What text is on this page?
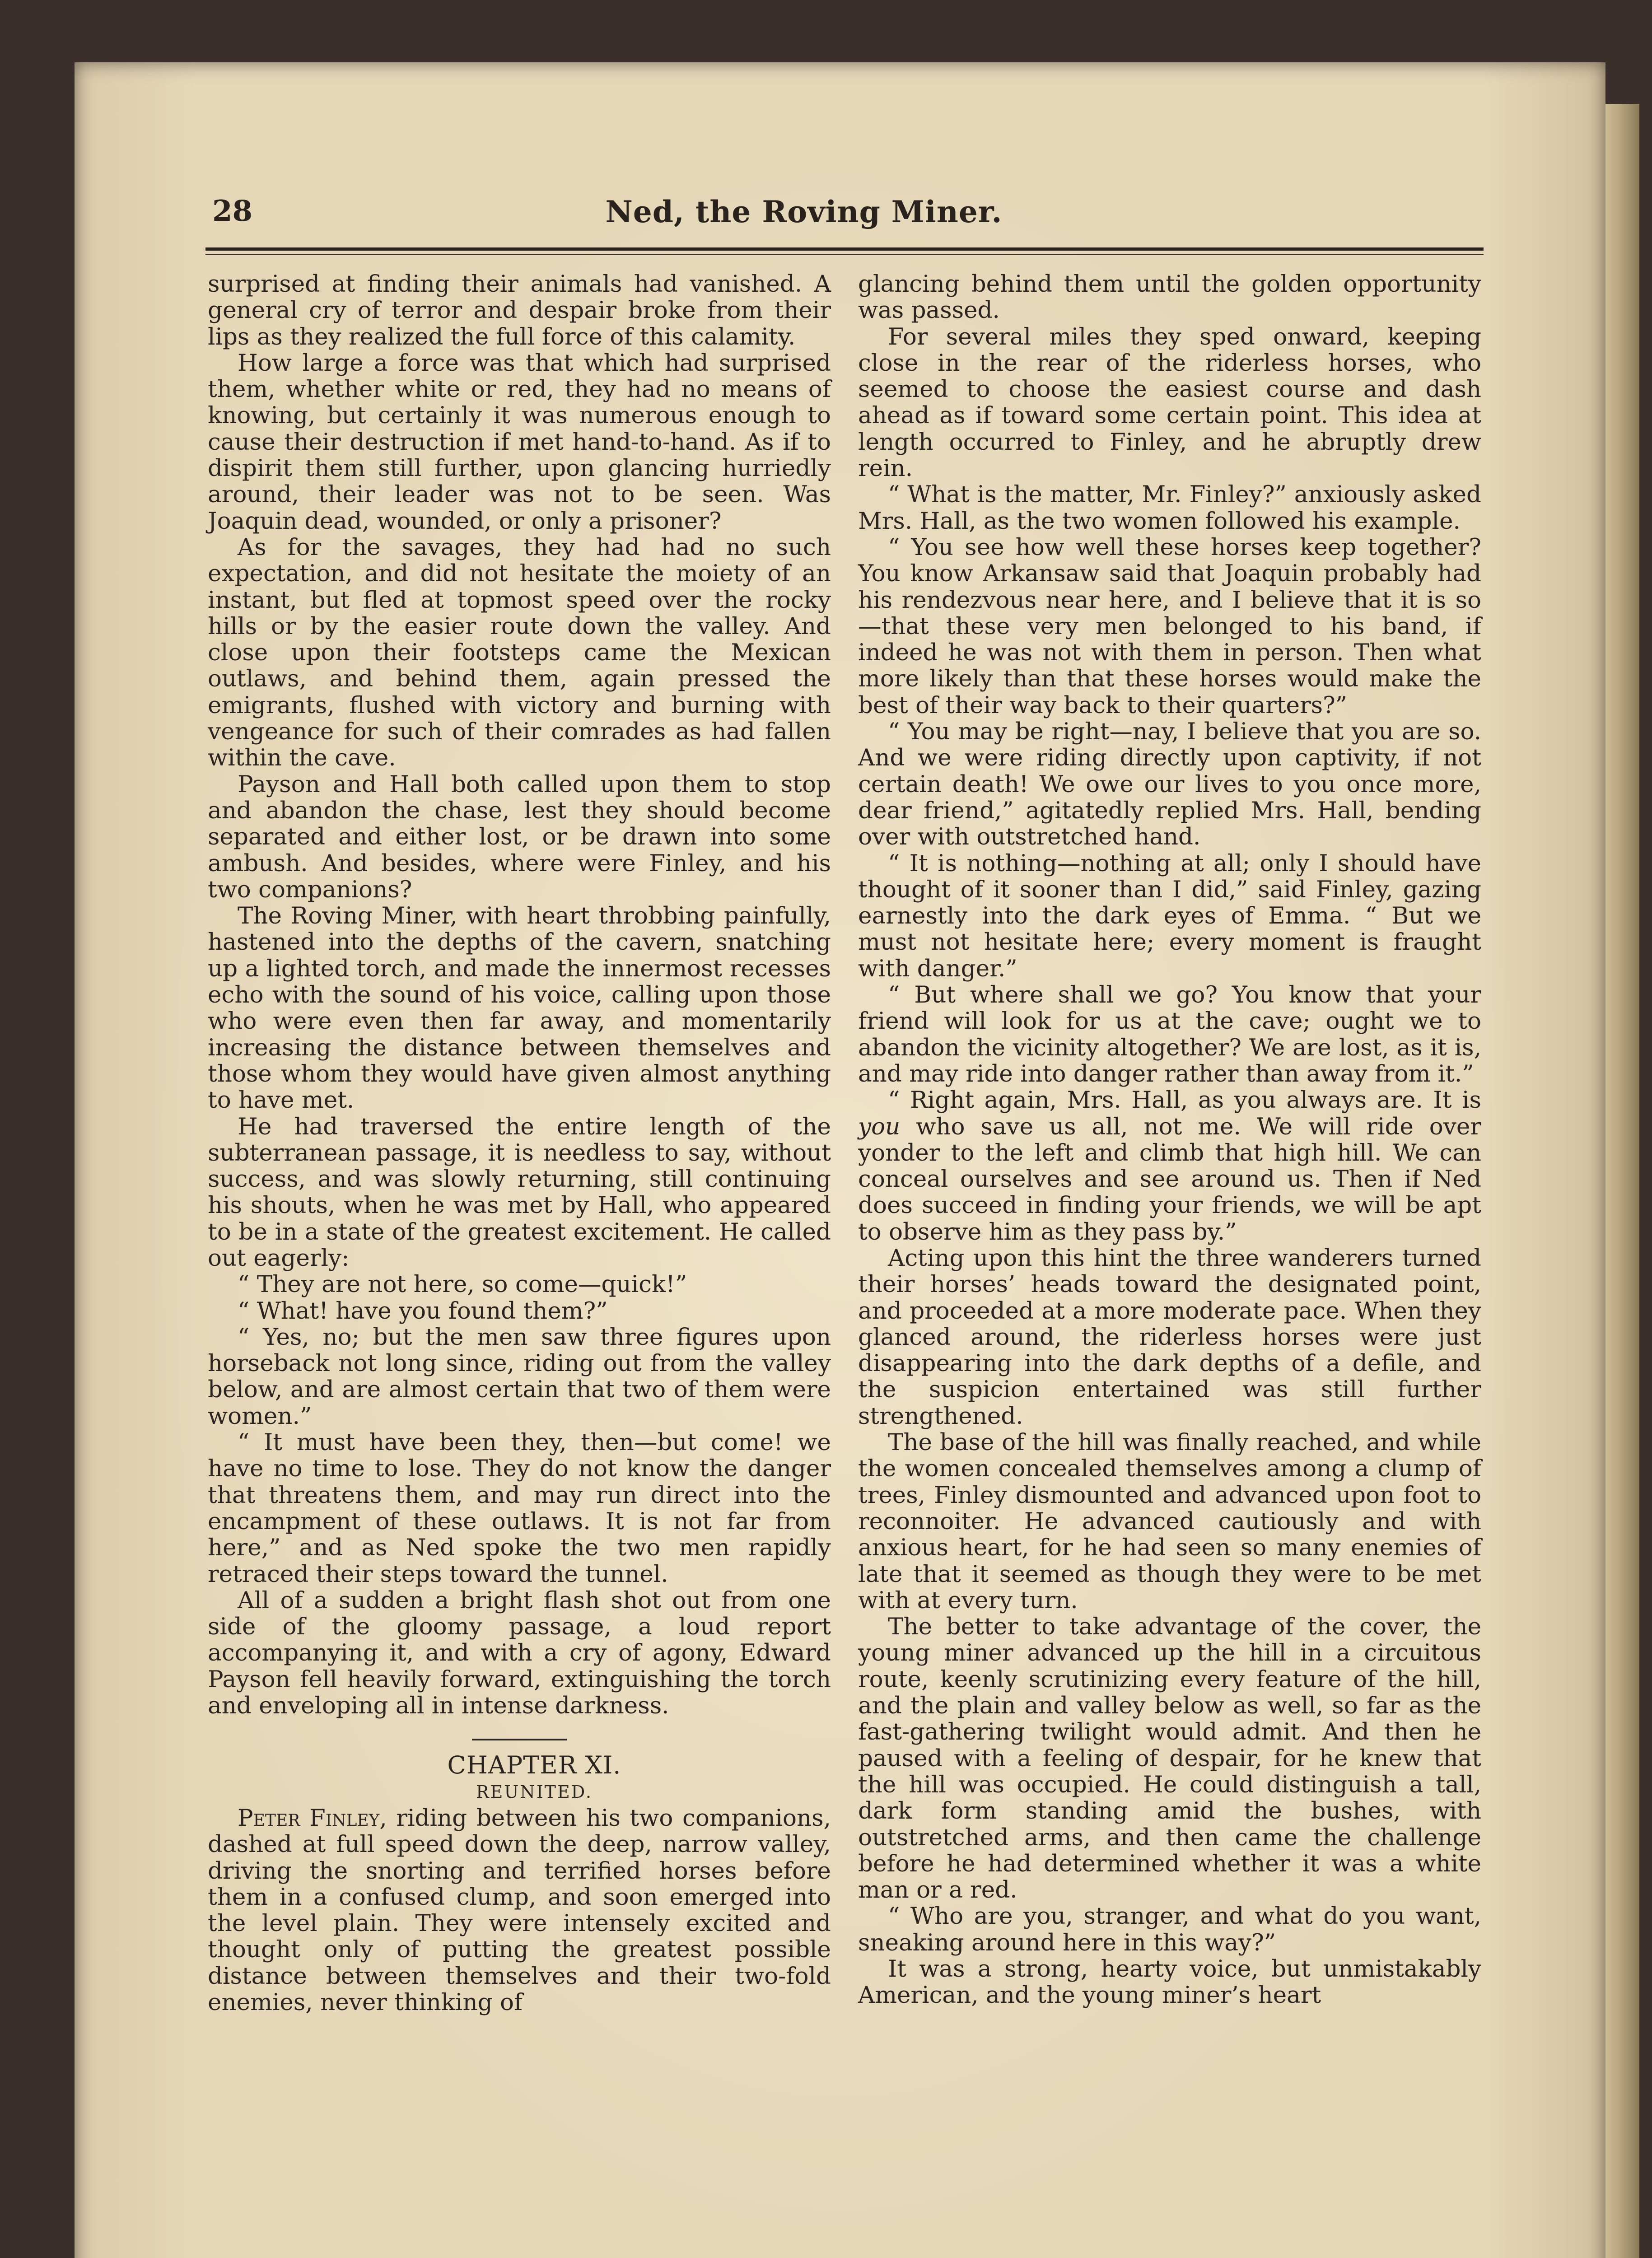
28	Ned, the Roving Miner.

surprised at finding their animals had vanished. A general cry of terror and despair broke from their lips as they realized the full force of this calamity.

How large a force was that which had surprised them, whether white or red, they had no means of knowing, but certainly it was numerous enough to cause their destruction if met hand-to-hand. As if to dispirit them still further, upon glancing hurriedly around, their leader was not to be seen. Was Joaquin dead, wounded, or only a prisoner?

As for the savages, they had had no such expectation, and did not hesitate the moiety of an instant, but fled at topmost speed over the rocky hills or by the easier route down the valley. And close upon their footsteps came the Mexican outlaws, and behind them, again pressed the emigrants, flushed with victory and burning with vengeance for such of their comrades as had fallen within the cave.

Payson and Hall both called upon them to stop and abandon the chase, lest they should become separated and either lost, or be drawn into some ambush. And besides, where were Finley, and his two companions?

The Roving Miner, with heart throbbing painfully, hastened into the depths of the cavern, snatching up a lighted torch, and made the innermost recesses echo with the sound of his voice, calling upon those who were even then far away, and momentarily increasing the distance between themselves and those whom they would have given almost anything to have met.

He had traversed the entire length of the subterranean passage, it is needless to say, without success, and was slowly returning, still continuing his shouts, when he was met by Hall, who appeared to be in a state of the greatest excitement. He called out eagerly:

“ They are not here, so come—quick!”

“ What! have you found them?”

“ Yes, no; but the men saw three figures upon horseback not long since, riding out from the valley below, and are almost certain that two of them were women.”

“ It must have been they, then—but come! we have no time to lose. They do not know the danger that threatens them, and may run direct into the encampment of these outlaws. It is not far from here,” and as Ned spoke the two men rapidly retraced their steps toward the tunnel.

All of a sudden a bright flash shot out from one side of the gloomy passage, a loud report accompanying it, and with a cry of agony, Edward Payson fell heavily forward, extinguishing the torch and enveloping all in intense darkness.

CHAPTER XI.

REUNITED.

Peter Finley, riding between his two companions, dashed at full speed down the deep, narrow valley, driving the snorting and terrified horses before them in a confused clump, and soon emerged into the level plain. They were intensely excited and thought only of putting the greatest possible distance between themselves and their two-fold enemies, never thinking of

glancing behind them until the golden opportunity was passed.

For several miles they sped onward, keeping close in the rear of the riderless horses, who seemed to choose the easiest course and dash ahead as if toward some certain point. This idea at length occurred to Finley, and he abruptly drew rein.

“ What is the matter, Mr. Finley?” anxiously asked Mrs. Hall, as the two women followed his example.

“ You see how well these horses keep together? You know Arkansaw said that Joaquin probably had his rendezvous near here, and I believe that it is so—that these very men belonged to his band, if indeed he was not with them in person. Then what more likely than that these horses would make the best of their way back to their quarters?”

“ You may be right—nay, I believe that you are so. And we were riding directly upon captivity, if not certain death! We owe our lives to you once more, dear friend,” agitatedly replied Mrs. Hall, bending over with outstretched hand.

“ It is nothing—nothing at all; only I should have thought of it sooner than I did,” said Finley, gazing earnestly into the dark eyes of Emma. “ But we must not hesitate here; every moment is fraught with danger.”

“ But where shall we go? You know that your friend will look for us at the cave; ought we to abandon the vicinity altogether? We are lost, as it is, and may ride into danger rather than away from it.”

“ Right again, Mrs. Hall, as you always are. It is you who save us all, not me. We will ride over yonder to the left and climb that high hill. We can conceal ourselves and see around us. Then if Ned does succeed in finding your friends, we will be apt to observe him as they pass by.”

Acting upon this hint the three wanderers turned their horses’ heads toward the designated point, and proceeded at a more moderate pace. When they glanced around, the riderless horses were just disappearing into the dark depths of a defile, and the suspicion entertained was still further strengthened.

The base of the hill was finally reached, and while the women concealed themselves among a clump of trees, Finley dismounted and advanced upon foot to reconnoiter. He advanced cautiously and with anxious heart, for he had seen so many enemies of late that it seemed as though they were to be met with at every turn.

The better to take advantage of the cover, the young miner advanced up the hill in a circuitous route, keenly scrutinizing every feature of the hill, and the plain and valley below as well, so far as the fast-gathering twilight would admit. And then he paused with a feeling of despair, for he knew that the hill was occupied. He could distinguish a tall, dark form standing amid the bushes, with outstretched arms, and then came the challenge before he had determined whether it was a white man or a red.

“ Who are you, stranger, and what do you want, sneaking around here in this way?”

It was a strong, hearty voice, but unmistakably American, and the young miner’s heart
